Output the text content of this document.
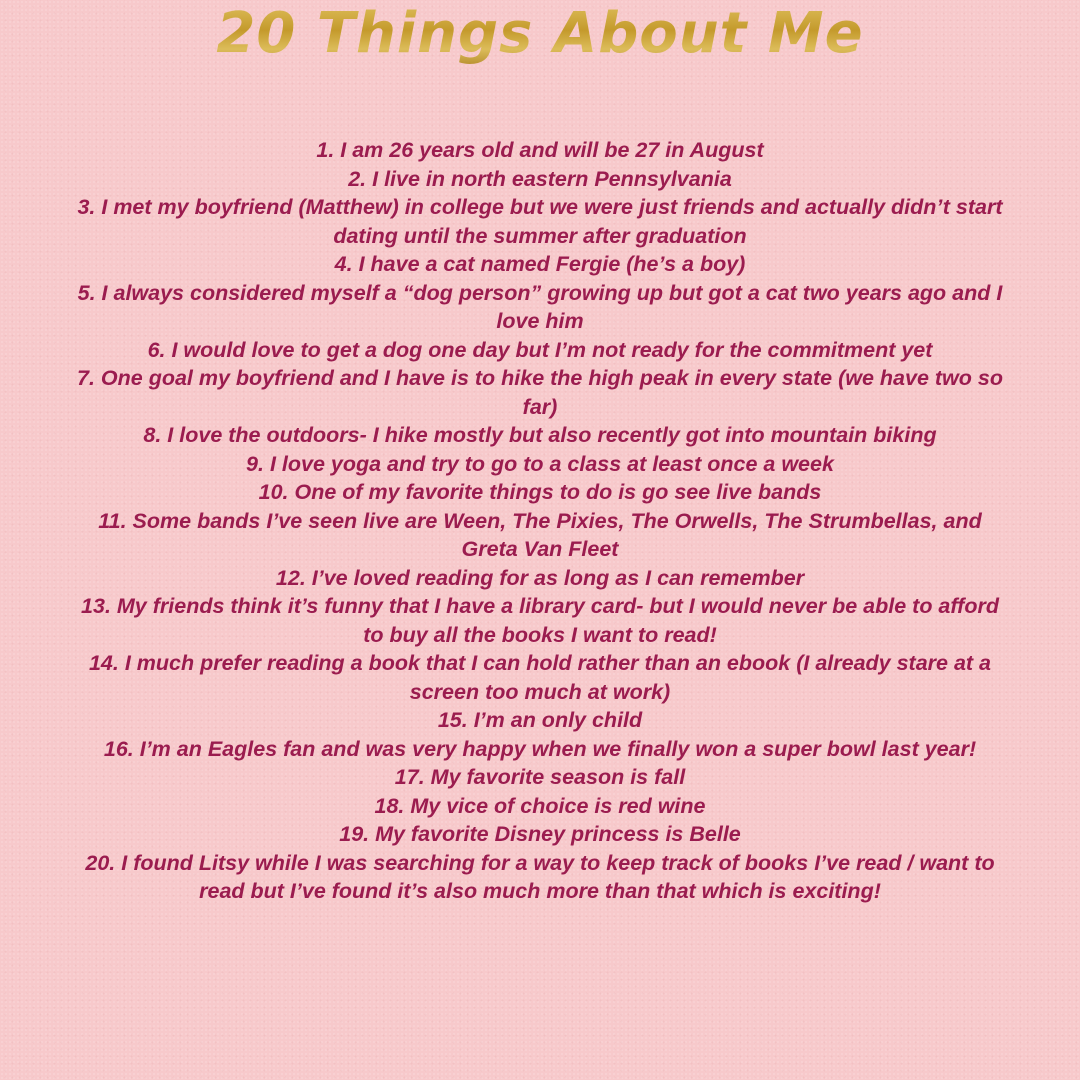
20 Things About Me
1. I am 26 years old and will be 27 in August
2. I live in north eastern Pennsylvania
3. I met my boyfriend (Matthew) in college but we were just friends and actually didn’t start dating until the summer after graduation
4. I have a cat named Fergie (he’s a boy)
5. I always considered myself a “dog person” growing up but got a cat two years ago and I love him
6. I would love to get a dog one day but I’m not ready for the commitment yet
7. One goal my boyfriend and I have is to hike the high peak in every state (we have two so far)
8. I love the outdoors- I hike mostly but also recently got into mountain biking
9. I love yoga and try to go to a class at least once a week
10. One of my favorite things to do is go see live bands
11. Some bands I’ve seen live are Ween, The Pixies, The Orwells, The Strumbellas, and Greta Van Fleet
12. I’ve loved reading for as long as I can remember
13. My friends think it’s funny that I have a library card- but I would never be able to afford to buy all the books I want to read!
14. I much prefer reading a book that I can hold rather than an ebook (I already stare at a screen too much at work)
15. I’m an only child
16. I’m an Eagles fan and was very happy when we finally won a super bowl last year!
17. My favorite season is fall
18. My vice of choice is red wine
19. My favorite Disney princess is Belle
20. I found Litsy while I was searching for a way to keep track of books I’ve read / want to read but I’ve found it’s also much more than that which is exciting!
